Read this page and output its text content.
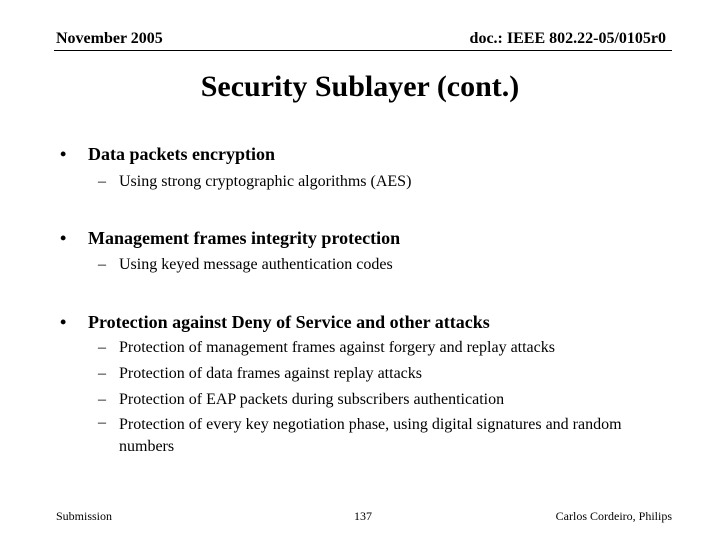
November 2005	doc.: IEEE 802.22-05/0105r0
Security Sublayer (cont.)
• Data packets encryption
– Using strong cryptographic algorithms (AES)
• Management frames integrity protection
– Using keyed message authentication codes
• Protection against Deny of Service and other attacks
– Protection of management frames against forgery and replay attacks
– Protection of data frames against replay attacks
– Protection of EAP packets during subscribers authentication
– Protection of every key negotiation phase, using digital signatures and random numbers
Submission	137	Carlos Cordeiro, Philips
